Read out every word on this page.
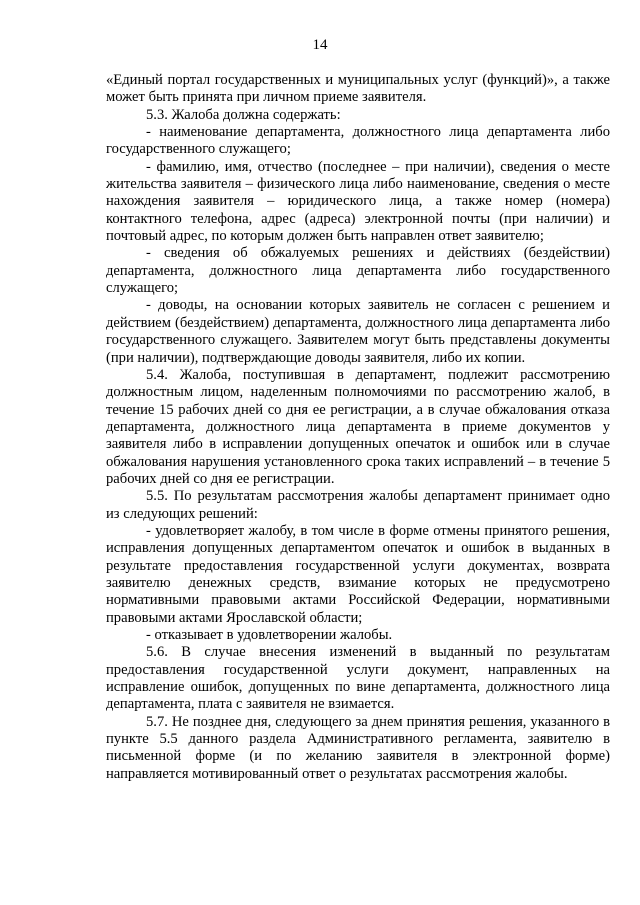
14

«Единый портал государственных и муниципальных услуг (функций)», а также может быть принята при личном приеме заявителя.

5.3. Жалоба должна содержать:

- наименование департамента, должностного лица департамента либо государственного служащего;

- фамилию, имя, отчество (последнее – при наличии), сведения о месте жительства заявителя – физического лица либо наименование, сведения о месте нахождения заявителя – юридического лица, а также номер (номера) контактного телефона, адрес (адреса) электронной почты (при наличии) и почтовый адрес, по которым должен быть направлен ответ заявителю;

- сведения об обжалуемых решениях и действиях (бездействии) департамента, должностного лица департамента либо государственного служащего;

- доводы, на основании которых заявитель не согласен с решением и действием (бездействием) департамента, должностного лица департамента либо государственного служащего. Заявителем могут быть представлены документы (при наличии), подтверждающие доводы заявителя, либо их копии.

5.4. Жалоба, поступившая в департамент, подлежит рассмотрению должностным лицом, наделенным полномочиями по рассмотрению жалоб, в течение 15 рабочих дней со дня ее регистрации, а в случае обжалования отказа департамента, должностного лица департамента в приеме документов у заявителя либо в исправлении допущенных опечаток и ошибок или в случае обжалования нарушения установленного срока таких исправлений – в течение 5 рабочих дней со дня ее регистрации.

5.5. По результатам рассмотрения жалобы департамент принимает одно из следующих решений:

- удовлетворяет жалобу, в том числе в форме отмены принятого решения, исправления допущенных департаментом опечаток и ошибок в выданных в результате предоставления государственной услуги документах, возврата заявителю денежных средств, взимание которых не предусмотрено нормативными правовыми актами Российской Федерации, нормативными правовыми актами Ярославской области;

- отказывает в удовлетворении жалобы.

5.6. В случае внесения изменений в выданный по результатам предоставления государственной услуги документ, направленных на исправление ошибок, допущенных по вине департамента, должностного лица департамента, плата с заявителя не взимается.

5.7. Не позднее дня, следующего за днем принятия решения, указанного в пункте 5.5 данного раздела Административного регламента, заявителю в письменной форме (и по желанию заявителя в электронной форме) направляется мотивированный ответ о результатах рассмотрения жалобы.
